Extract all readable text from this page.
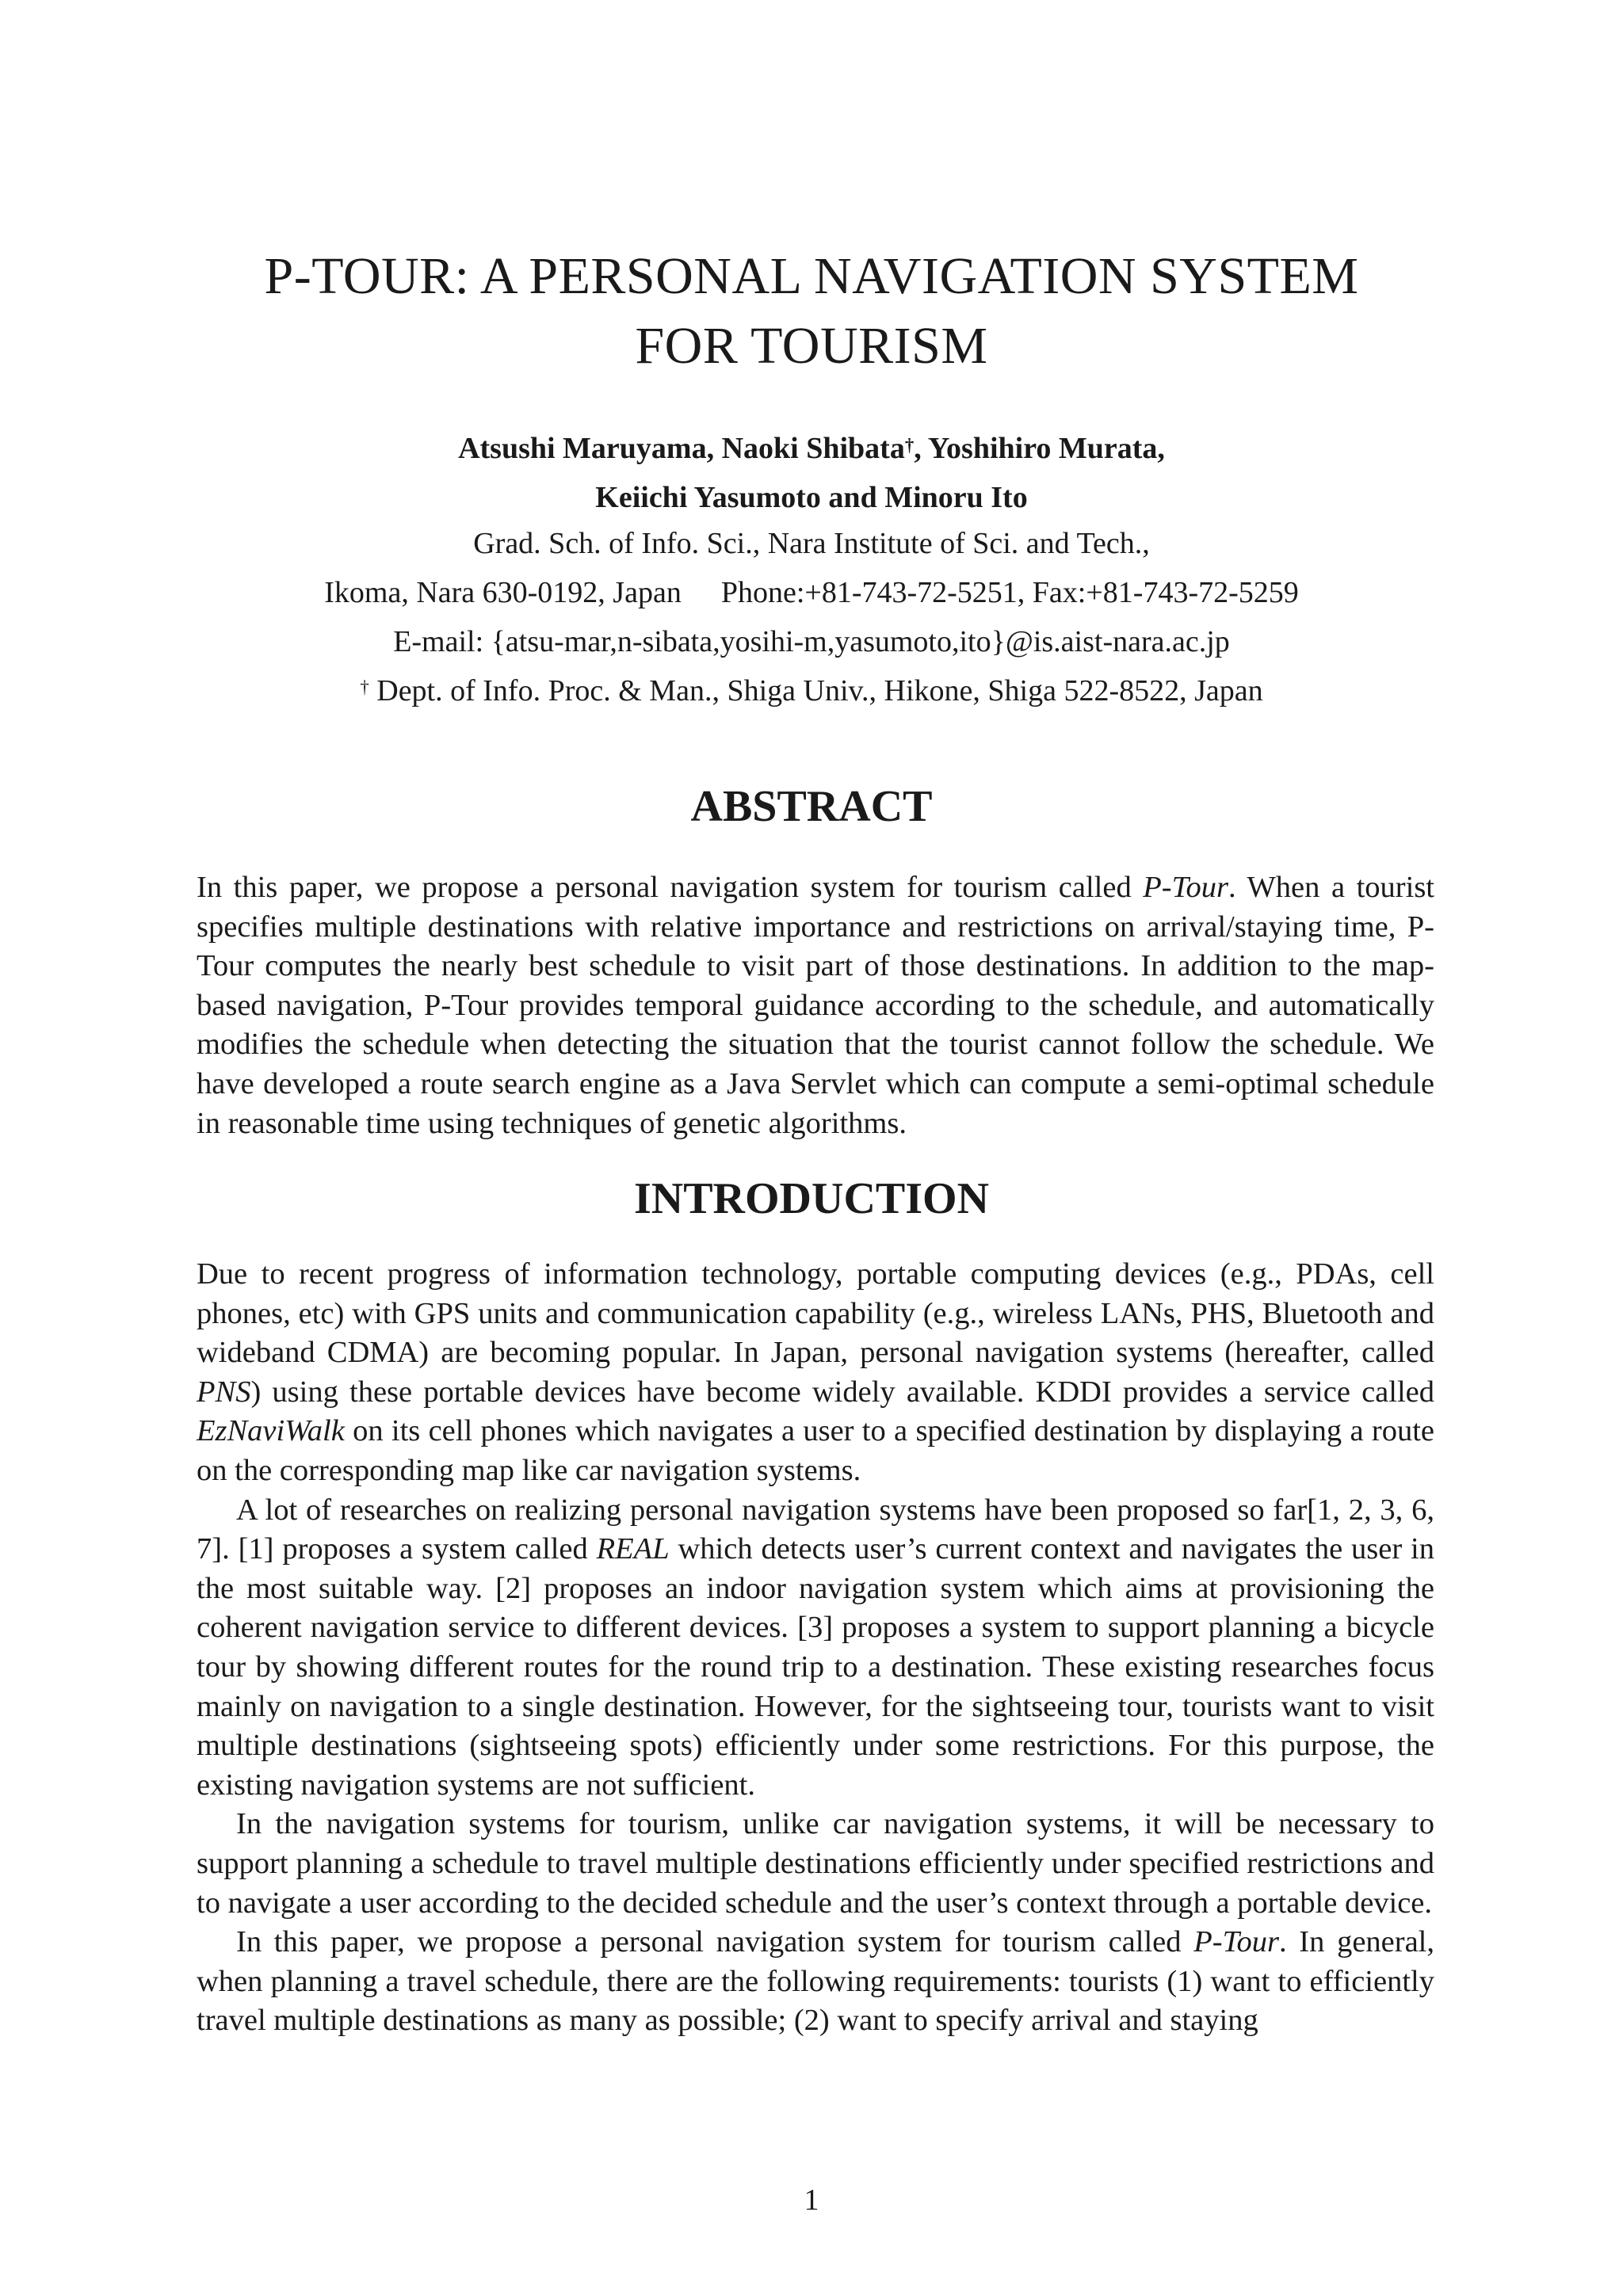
P-TOUR: A PERSONAL NAVIGATION SYSTEM
FOR TOURISM
Atsushi Maruyama, Naoki Shibata†, Yoshihiro Murata,
Keiichi Yasumoto and Minoru Ito
Grad. Sch. of Info. Sci., Nara Institute of Sci. and Tech.,
Ikoma, Nara 630-0192, Japan Phone:+81-743-72-5251, Fax:+81-743-72-5259
E-mail: {atsu-mar,n-sibata,yosihi-m,yasumoto,ito}@is.aist-nara.ac.jp
† Dept. of Info. Proc. & Man., Shiga Univ., Hikone, Shiga 522-8522, Japan
ABSTRACT

In this paper, we propose a personal navigation system for tourism called P-Tour. When a tourist specifies multiple destinations with relative importance and restrictions on arrival/staying time, P-Tour computes the nearly best schedule to visit part of those destinations. In addition to the map-based navigation, P-Tour provides temporal guidance according to the schedule, and automatically modifies the schedule when detecting the situation that the tourist cannot follow the schedule. We have developed a route search engine as a Java Servlet which can compute a semi-optimal schedule in reasonable time using techniques of genetic algorithms.

INTRODUCTION

Due to recent progress of information technology, portable computing devices (e.g., PDAs, cell phones, etc) with GPS units and communication capability (e.g., wireless LANs, PHS, Bluetooth and wideband CDMA) are becoming popular. In Japan, personal navigation systems (hereafter, called PNS) using these portable devices have become widely available. KDDI provides a service called EzNaviWalk on its cell phones which navigates a user to a specified destination by displaying a route on the corresponding map like car navigation systems.

A lot of researches on realizing personal navigation systems have been proposed so far[1, 2, 3, 6, 7]. [1] proposes a system called REAL which detects user’s current context and navigates the user in the most suitable way. [2] proposes an indoor navigation system which aims at provisioning the coherent navigation service to different devices. [3] proposes a system to support planning a bicycle tour by showing different routes for the round trip to a destination. These existing researches focus mainly on navigation to a single destination. However, for the sightseeing tour, tourists want to visit multiple destinations (sightseeing spots) efficiently under some restrictions. For this purpose, the existing navigation systems are not sufficient.

In the navigation systems for tourism, unlike car navigation systems, it will be necessary to support planning a schedule to travel multiple destinations efficiently under specified restrictions and to navigate a user according to the decided schedule and the user’s context through a portable device.

In this paper, we propose a personal navigation system for tourism called P-Tour. In general, when planning a travel schedule, there are the following requirements: tourists (1) want to efficiently travel multiple destinations as many as possible; (2) want to specify arrival and staying

1
